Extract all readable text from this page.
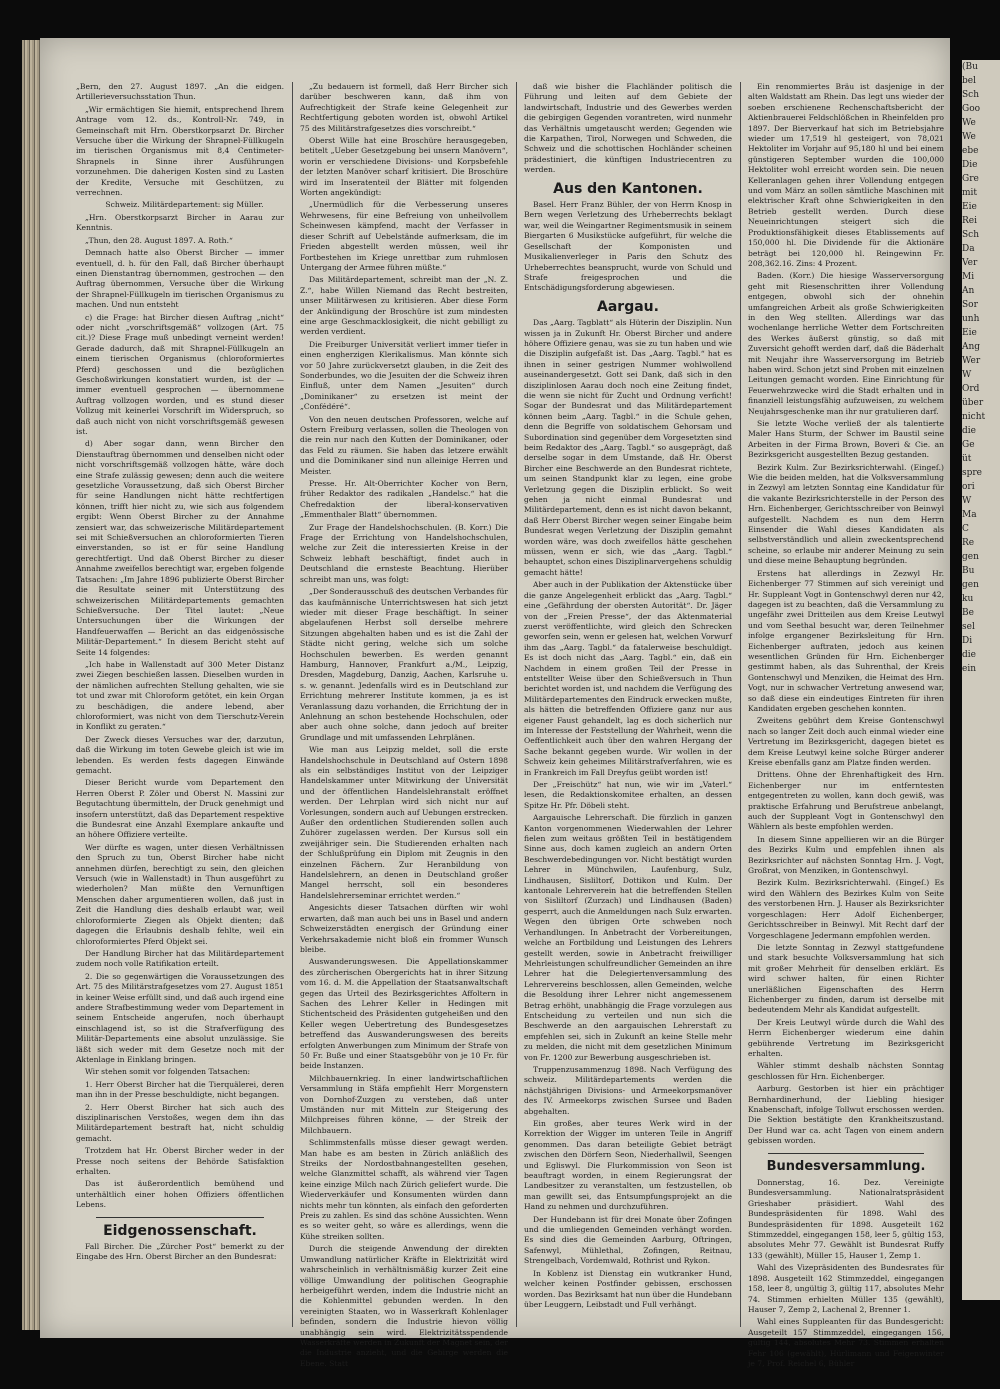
„Bern, den 27. August 1897. „An die eidgen. Artillerieversuchsstation Thun.

„Wir ermächtigen Sie hiemit, entsprechend Ihrem Antrage vom 12. ds., Kontroll-Nr. 749, in Gemeinschaft mit Hrn. Oberstkorpsarzt Dr. Bircher Versuche über die Wirkung der Shrapnel-Füllkugeln im tierischen Organismus mit 8,4 Centimeter-Shrapnels in Sinne ihrer Ausführungen vorzunehmen. Die daherigen Kosten sind zu Lasten der Kredite, Versuche mit Geschützen, zu verrechnen.

Schweiz. Militärdepartement: sig Müller.

„Hrn. Oberstkorpsarzt Bircher in Aarau zur Kenntnis.

„Thun, den 28. August 1897. A. Roth.“

Demnach hatte also Oberst Bircher — immer eventuell, d. h. für den Fall, daß Bircher überhaupt einen Dienstantrag übernommen, gestrochen — den Auftrag übernommen, Versuche über die Wirkung der Shrapnel-Füllkugeln im tierischen Organismus zu machen. Und nun entsteht

c) die Frage: hat Bircher diesen Auftrag „nicht“ oder nicht „vorschriftsgemäß“ vollzogen (Art. 75 cit.)? Diese Frage muß unbedingt verneint werden! Gerade dadurch, daß mit Shrapnel-Füllkugeln an einem tierischen Organismus (chloroformiertes Pferd) geschossen und die bezüglichen Geschoßwirkungen konstatiert wurden, ist der — immer eventuell gesprochen — übernommene Auftrag vollzogen worden, und es stund dieser Vollzug mit keinerlei Vorschrift im Widerspruch, so daß auch nicht von nicht vorschriftsgemäß gewesen ist.

d) Aber sogar dann, wenn Bircher den Dienstauftrag übernommen und denselben nicht oder nicht vorschriftsgemäß vollzogen hätte, wäre doch eine Strafe zulässig gewesen; denn auch die weitere gesetzliche Voraussetzung, daß sich Oberst Bircher für seine Handlungen nicht hätte rechtfertigen können, trifft hier nicht zu, wie sich aus folgendem ergibt: Wenn Oberst Bircher zu der Annahme zensiert war, das schweizerische Militärdepartement sei mit Schießversuchen an chloroformierten Tieren einverstanden, so ist er für seine Handlung gerechtfertigt. Und daß Oberst Bircher zu dieser Annahme zweifellos berechtigt war, ergeben folgende Tatsachen: „Im Jahre 1896 publizierte Oberst Bircher die Resultate seiner mit Unterstützung des schweizerischen Militärdepartements gemachten Schießversuche. Der Titel lautet: „Neue Untersuchungen über die Wirkungen der Handfeuerwaffen — Bericht an das eidgenössische Militär-Departement.“ In diesem Bericht steht auf Seite 14 folgendes:

„Ich habe in Wallenstadt auf 300 Meter Distanz zwei Ziegen beschießen lassen. Dieselben wurden in der nämlichen aufrechten Stellung gehalten, wie sie tot und zwar mit Chloroform getötet, ein kein Organ zu beschädigen, die andere lebend, aber chloroformiert, was nicht von dem Tierschutz-Verein in Konflikt zu geraten.“

Der Zweck dieses Versuches war der, darzutun, daß die Wirkung im toten Gewebe gleich ist wie im lebenden. Es werden fests dagegen Einwände gemacht.

Dieser Bericht wurde vom Departement den Herren Oberst P. Zöler und Oberst N. Massini zur Begutachtung übermitteln, der Druck genehmigt und insofern unterstützt, daß das Departement respektive die Bundesrat eine Anzahl Exemplare ankaufte und an höhere Offiziere verteilte.

Wer dürfte es wagen, unter diesen Verhältnissen den Spruch zu tun, Oberst Bircher habe nicht annehmen dürfen, berechtigt zu sein, den gleichen Versuch (wie in Wallenstadt) in Thun ausgeführt zu wiederholen? Man müßte den Vernunftigen Menschen daher argumentieren wollen, daß just in Zeit die Handlung dies deshalb erlaubt war, weil chloroformierte Ziegen als Objekt dienten; daß dagegen die Erlaubnis deshalb fehlte, weil ein chloroformiertes Pferd Objekt sei.

Der Handlung Bircher hat das Militärdepartement zudem noch volle Ratifikation erteilt.

2. Die so gegenwärtigen die Voraussetzungen des Art. 75 des Militärstrafgesetzes vom 27. August 1851 in keiner Weise erfüllt sind, und daß auch irgend eine andere Strafbestimmung weder vom Departement in seinem Entscheide angerufen, noch überhaupt einschlagend ist, so ist die Strafverfügung des Militär-Departements eine absolut unzulässige. Sie läßt sich weder mit dem Gesetze noch mit der Aktenlage in Einklang bringen.

Wir stehen somit vor folgenden Tatsachen:

1. Herr Oberst Bircher hat die Tierquälerei, deren man ihn in der Presse beschuldigte, nicht begangen.

2. Herr Oberst Bircher hat sich auch des disziplinarischen Verstoßes, wegen dem ihn das Militärdepartement bestraft hat, nicht schuldig gemacht.

Trotzdem hat Hr. Oberst Bircher weder in der Presse noch seitens der Behörde Satisfaktion erhalten.

Das ist äußerordentlich bemühend und unterhältlich einer hohen Offiziers öffentlichen Lebens.

Eidgenossenschaft.

Fall Bircher. Die „Zürcher Post“ bemerkt zu der Eingabe des Hrn. Oberst Bircher an den Bundesrat:

„Zu bedauern ist formell, daß Herr Bircher sich darüber beschweren kann, daß ihm von Aufrechtigkeit der Strafe keine Gelegenheit zur Rechtfertigung geboten worden ist, obwohl Artikel 75 des Militärstrafgesetzes dies vorschreibt.“

Oberst Wille hat eine Broschüre herausgegeben, betitelt „Ueber Gesetzgebung bei unsern Manövern“, worin er verschiedene Divisions- und Korpsbefehle der letzten Manöver scharf kritisiert. Die Broschüre wird im Inseratenteil der Blätter mit folgenden Worten angekündigt:

„Unermüdlich für die Verbesserung unseres Wehrwesens, für eine Befreiung von unheilvollem Scheinwesen kämpfend, macht der Verfasser in dieser Schrift auf Uebelstände aufmerksam, die im Frieden abgestellt werden müssen, weil ihr Fortbestehen im Kriege unrettbar zum ruhmlosen Untergang der Armee führen müßte.“

Das Militärdepartement, schreibt man der „N. Z. Z.“, habe Willen Niemand das Recht bestreiten, unser Militärwesen zu kritisieren. Aber diese Form der Ankündigung der Broschüre ist zum mindesten eine arge Geschmacklosigkeit, die nicht gebilligt zu werden verdient.

Die Freiburger Universität verliert immer tiefer in einen engherzigen Klerikalismus. Man könnte sich vor 50 Jahre zurückversetzt glauben, in die Zeit des Sonderbundes, wo die Jesuiten der die Schweiz ihren Einfluß, unter dem Namen „Jesuiten“ durch „Dominikaner“ zu ersetzen ist meint der „Confédéré“.

Von den neuen deutschen Professoren, welche auf Ostern Freiburg verlassen, sollen die Theologen von die rein nur nach den Kutten der Dominikaner, oder das Feld zu räumen. Sie haben das letzere erwählt und die Dominikaner sind nun alleinige Herren und Meister.

Presse. Hr. Alt-Oberrichter Kocher von Bern, früher Redaktor des radikalen „Handelsc.“ hat die Chefredaktion der liberal-konservativen „Emmenthaler Blatt“ übernommen.

Zur Frage der Handelshochschulen. (B. Korr.) Die Frage der Errichtung von Handelshochschulen, welche zur Zeit die interessierten Kreise in der Schweiz lebhaft beschäftigt, findet auch in Deutschland die ernsteste Beachtung. Hierüber schreibt man uns, was folgt:

„Der Sonderausschuß des deutschen Verbandes für das kaufmännische Unterrichtswesen hat sich jetzt wieder mit dieser Frage beschäftigt. In seiner abgelaufenen Herbst soll derselbe mehrere Sitzungen abgehalten haben und es ist die Zahl der Städte nicht gering, welche sich um solche Hochschulen bewerben. Es werden genannt Hamburg, Hannover, Frankfurt a./M., Leipzig, Dresden, Magdeburg, Danzig, Aachen, Karlsruhe u. s. w. genannt. Jedenfalls wird es in Deutschland zur Errichtung mehrerer Institute kommen, ja es ist Veranlassung dazu vorhanden, die Errichtung der in Anlehnung an schon bestehende Hochschulen, oder aber auch ohne solche, dann jedoch auf breiter Grundlage und mit umfassenden Lehrplänen.

Wie man aus Leipzig meldet, soll die erste Handelshochschule in Deutschland auf Ostern 1898 als ein selbständiges Institut von der Leipziger Handelskammer unter Mitwirkung der Universität und der öffentlichen Handelslehranstalt eröffnet werden. Der Lehrplan wird sich nicht nur auf Vorlesungen, sondern auch auf Uebungen erstrecken. Außer den ordentlichen Studierenden sollen auch Zuhörer zugelassen werden. Der Kursus soll ein zweijähriger sein. Die Studierenden erhalten nach der Schlußprüfung ein Diplom mit Zeugnis in den einzelnen Fächern. Zur Heranbildung von Handelslehrern, an denen in Deutschland großer Mangel herrscht, soll ein besonderes Handelslehrerseminar errichtet werden.“

Angesichts dieser Tatsachen dürften wir wohl erwarten, daß man auch bei uns in Basel und andern Schweizerstädten energisch der Gründung einer Verkehrsakademie nicht bloß ein frommer Wunsch bleibe.

Auswanderungswesen. Die Appellationskammer des zürcherischen Obergerichts hat in ihrer Sitzung vom 16. d. M. die Appellation der Staatsanwaltschaft gegen das Urteil des Bezirksgerichtes Affoltern in Sachen des Lehrer Keller in Hedingen mit Stichentscheid des Präsidenten gutgeheißen und den Keller wegen Uebertretung des Bundesgesetzes betreffend das Auswanderungswesen des bereits erfolgten Anwerbungen zum Minimum der Strafe von 50 Fr. Buße und einer Staatsgebühr von je 10 Fr. für beide Instanzen.

Milchbauernkrieg. In einer landwirtschaftlichen Versammlung in Stäfa empfiehlt Herr Morgenstern von Dornhof-Zuzgen zu versteben, daß unter Umständen nur mit Mitteln zur Steigerung des Milchpreises führen könne, — der Streik der Milchbauern.

Schlimmstenfalls müsse dieser gewagt werden. Man habe es am besten in Zürich anläßlich des Streiks der Nordostbahnangestellten gesehen, welche Glanzmittel schafft, als während vier Tagen keine einzige Milch nach Zürich geliefert wurde. Die Wiederverkäufer und Konsumenten würden dann nichts mehr tun könnten, als einfach den geforderten Preis zu zahlen. Es sind das schöne Aussichten. Wenn es so weiter geht, so wäre es allerdings, wenn die Kühe streiken sollten.

Durch die steigende Anwendung der direkten Umwandlung natürlicher Kräfte in Elektrizität wird wahrscheinlich in verhältnismäßig kurzer Zeit eine völlige Umwandlung der politischen Geographie herbeigeführt werden, indem die Industrie nicht an die Kohlenmittel gebunden werden. In den vereinigten Staaten, wo in Wasserkraft Kohlenlager befinden, sondern die Industrie hievon völlig unabhängig sein wird. Elektrizitätsspendende Wasserkräfte werden in Zukunft der Magnet sein, der die Industrie anzieht, und die Gebirge werden die Ebene. Statt

daß wie bisher die Flachländer politisch die Führung und leiten auf dem Gebiete der landwirtschaft, Industrie und des Gewerbes werden die gebirgigen Gegenden vorantreten, wird nunmehr das Verhältnis umgetauscht werden; Gegenden wie die Karpathen, Tirol, Norwegen und Schweden, die Schweiz und die schottischen Hochländer scheinen prädestiniert, die künftigen Industriecentren zu werden.

Aus den Kantonen.

Basel. Herr Franz Bühler, der von Herrn Knosp in Bern wegen Verletzung des Urheberrechts beklagt war, weil die Weingartner Regimentsmusik in seinem Biergarten 6 Musikstücke aufgeführt, für welche die Gesellschaft der Komponisten und Musikalienverleger in Paris den Schutz des Urheberrechtes beansprucht, wurde von Schuld und Strafe freigesprochen und die Entschädigungsforderung abgewiesen.

Aargau.

Das „Aarg. Tagblatt“ als Hüterin der Disziplin. Nun wissen ja in Zukunft Hr. Oberst Bircher und andere höhere Offiziere genau, was sie zu tun haben und wie die Disziplin aufgefaßt ist. Das „Aarg. Tagbl.“ hat es ihnen in seiner gestrigen Nummer wohlwollend auseinandergesetzt. Gott sei Dank, daß sich in den disziplinlosen Aarau doch noch eine Zeitung findet, die wenn sie nicht für Zucht und Ordnung verficht! Sogar der Bundesrat und das Militärdepartement können beim „Aarg. Tagbl.“ in die Schule gehen, denn die Begriffe von soldatischem Gehorsam und Subordination sind gegenüber dem Vorgesetzten sind beim Redaktor des „Aarg. Tagbl.“ so ausgeprägt, daß derselbe sogar in dem Umstande, daß Hr. Oberst Bircher eine Beschwerde an den Bundesrat richtete, um seinen Standpunkt klar zu legen, eine grobe Verletzung gegen die Disziplin erblickt. So weit gehen ja nicht einmal Bundesrat und Militärdepartement, denn es ist nicht davon bekannt, daß Herr Oberst Bircher wegen seiner Eingabe beim Bundesrat wegen Verletzung der Disziplin gemahnt worden wäre, was doch zweifellos hätte geschehen müssen, wenn er sich, wie das „Aarg. Tagbl.“ behauptet, schon eines Disziplinarvergehens schuldig gemacht hätte!

Aber auch in der Publikation der Aktenstücke über die ganze Angelegenheit erblickt das „Aarg. Tagbl.“ eine „Gefährdung der obersten Autorität“. Dr. Jäger von der „Freien Presse“, der das Aktenmaterial zuerst veröffentlichte, wird gleich den Schrecken geworfen sein, wenn er gelesen hat, welchen Vorwurf ihm das „Aarg. Tagbl.“ da fatalerweise beschuldigt. Es ist doch nicht das „Aarg. Tagbl.“ ein, daß ein Nachdem in einem großen Teil der Presse in entstellter Weise über den Schießversuch in Thun berichtet worden ist, und nachdem die Verfügung des Militärdepartementes den Eindruck erwecken mußte, als hätten die betreffenden Offiziere ganz nur aus eigener Faust gehandelt, lag es doch sicherlich nur im Interesse der Feststellung der Wahrheit, wenn die Oeffentlichkeit auch über den wahren Hergang der Sache bekannt gegeben wurde. Wir wollen in der Schweiz kein geheimes Militärstrafverfahren, wie es in Frankreich im Fall Dreyfus geübt worden ist!

Der „Freischütz“ hat nun, wie wir im „Vaterl.“ lesen, die Redaktionskomitee erhalten, an dessen Spitze Hr. Pfr. Döbeli steht.

Aargauische Lehrerschaft. Die fürzlich in ganzen Kanton vorgenommenen Wiederwahlen der Lehrer fielen zum weitaus größten Teil in bestätigendem Sinne aus, doch kamen zugleich an andern Orten Beschwerdebedingungen vor. Nicht bestätigt wurden Lehrer in Münchwilen, Laufenburg, Sulz, Lindhausen, Sisliltorf, Dottikon und Kulm. Der kantonale Lehrerverein hat die betreffenden Stellen von Sisliltorf (Zurzach) und Lindhausen (Baden) gesperrt, auch die Anmeldungen nach Sulz erwarten. Wegen den übrigen Orte schweben noch Verhandlungen. In Anbetracht der Vorbereitungen, welche an Fortbildung und Leistungen des Lehrers gestellt werden, sowie in Anbetracht freiwilliger Mehrleistungen schulfreundlicher Gemeinden an ihre Lehrer hat die Delegiertenversammlung des Lehrervereins beschlossen, allen Gemeinden, welche die Besoldung ihrer Lehrer nicht angemessenem Betrag erhöht, unabhängig die Frage vorzulegen aus Entscheidung zu verteilen und nun sich die Beschwerde an den aargauischen Lehrerstaft zu empfehlen sei, sich in Zukunft an keine Stelle mehr zu melden, die nicht mit dem gesetzlichen Minimum von Fr. 1200 zur Bewerbung ausgeschrieben ist.

Truppenzusammenzug 1898. Nach Verfügung des schweiz. Militärdepartements werden die nächstjährigen Divisions- und Armeekorpsmanöver des IV. Armeekorps zwischen Sursee und Baden abgehalten.

Ein großes, aber teures Werk wird in der Korrektion der Wigger im unteren Teile in Angriff genommen. Das daran beteiligte Gebiet beträgt zwischen den Dörfern Seon, Niederhallwil, Seengen und Egliswyl. Die Flurkommission von Seon ist beauftragt worden, in einem Regierungsrat der Landbesitzer zu veranstalten, um festzustellen, ob man gewillt sei, das Entsumpfungsprojekt an die Hand zu nehmen und durchzuführen.

Der Hundebann ist für drei Monate über Zofingen und die umliegenden Gemeinden verhängt worden. Es sind dies die Gemeinden Aarburg, Oftringen, Safenwyl, Mühlethal, Zofingen, Reitnau, Strengelbach, Vordemwald, Rothrist und Rykon.

In Koblenz ist Dienstag ein wutkranker Hund, welcher keinen Postfinder gebissen, erschossen worden. Das Bezirksamt hat nun über die Hundebann über Leuggern, Leibstadt und Full verhängt.

Ein renommiertes Bräu ist dasjenige in der alten Waldstatt am Rhein. Das legt uns wieder der soeben erschienene Rechenschaftsbericht der Aktienbrauerei Feldschlößchen in Rheinfelden pro 1897. Der Bierverkauf hat sich im Betriebsjahre wieder um 17,519 hl gesteigert, von 78,021 Hektoliter im Vorjahr auf 95,180 hl und bei einem günstigeren September wurden die 100,000 Hektoliter wohl erreicht worden sein. Die neuen Kelleranlagen gehen ihrer Vollendung entgegen und vom März an sollen sämtliche Maschinen mit elektrischer Kraft ohne Schwierigkeiten in den Betrieb gestellt werden. Durch diese Neueinrichtungen steigert sich die Produktionsfähigkeit dieses Etablissements auf 150,000 hl. Die Dividende für die Aktionäre beträgt bei 120,000 hl. Reingewinn Fr. 208,362.16. Zins: 4 Prozent.

Baden. (Korr.) Die hiesige Wasserversorgung geht mit Riesenschritten ihrer Vollendung entgegen, obwohl sich der ohnehin umfangreichen Arbeit als große Schwierigkeiten in den Weg stellten. Allerdings war das wochenlange herrliche Wetter dem Fortschreiten des Werkes äußerst günstig, so daß mit Zuversicht gehofft werden darf, daß die Bäderhalt mit Neujahr ihre Wasserversorgung im Betrieb haben wird. Schon jetzt sind Proben mit einzelnen Leitungen gemacht worden. Eine Einrichtung für Feuerwehrzwecke wird die Stadt erhalten und in finanziell leistungsfähig aufzuweisen, zu welchem Neujahrsgeschenke man ihr nur gratulieren darf.

Sie letzte Woche verließ der als talentierte Maler Hans Sturm, der Schwer im Baustil seine Arbeiten in der Firma Brown, Boveri & Cie. an Bezirksgericht ausgestellten Bezug gestanden.

Bezirk Kulm. Zur Bezirksrichterwahl. (Eingeſ.) Wie die beiden melden, hat die Volksversammlung in Zezwyl am letzten Sonntag eine Kandidatur für die vakante Bezirksrichterstelle in der Person des Hrn. Eichenberger, Gerichtsschreiber von Beinwyl aufgestellt. Nachdem es nun dem Herrn Einsender die Wahl dieses Kandidaten als selbstverständlich und allein zweckentsprechend scheine, so erlaube mir anderer Meinung zu sein und diese meine Behauptung begründen.

Erstens hat allerdings in Zezwyl Hr. Eichenberger 77 Stimmen auf sich vereinigt und Hr. Suppleant Vogt in Gontenschwyl deren nur 42, dagegen ist zu beachten, daß die Versammlung zu ungefähr zwei Dritteilen aus dem Kreise Leutwyl und vom Seethal besucht war, deren Teilnehmer infolge ergangener Bezirksleitung für Hrn. Eichenberger auftraten, jedoch aus keinen wesentlichen Gründen für Hrn. Eichenberger gestimmt haben, als das Suhrenthal, der Kreis Gontenschwyl und Menziken, die Heimat des Hrn. Vogt, nur in schwacher Vertretung anwesend war, so daß diese ein eindeutiges Eintreten für ihren Kandidaten ergeben geschehen konnten.

Zweitens gebührt dem Kreise Gontenschwyl nach so langer Zeit doch auch einmal wieder eine Vertretung im Bezirksgericht, dagegen bietet es dem Kreise Leutwyl keine solche Bürger anderer Kreise ebenfalls ganz am Platze finden werden.

Drittens. Ohne der Ehrenhaftigkeit des Hrn. Eichenberger nur im entferntesten entgegentreten zu wollen, kann doch gewiß, was praktische Erfahrung und Berufstreue anbelangt, auch der Suppleant Vogt in Gontenschwyl den Wählern als beste empfohlen werden.

In diesem Sinne appellieren wir an die Bürger des Bezirks Kulm und empfehlen ihnen als Bezirksrichter auf nächsten Sonntag Hrn. J. Vogt, Großrat, von Menziken, in Gontenschwyl.

Bezirk Kulm. Bezirksrichterwahl. (Eingeſ.) Es wird den Wählern des Bezirkes Kulm von Seite des verstorbenen Hrn. J. Hauser als Bezirksrichter vorgeschlagen: Herr Adolf Eichenberger, Gerichtsschreiber in Beinwyl. Mit Recht darf der Vorgeschlagene Jedermann empfohlen werden.

Die letzte Sonntag in Zezwyl stattgefundene und stark besuchte Volksversammlung hat sich mit großer Mehrheit für denselben erklärt. Es wird schwer halten, für einen Richter unerläßlichen Eigenschaften des Herrn Eichenberger zu finden, darum ist derselbe mit bedeutendem Mehr als Kandidat aufgestellt.

Der Kreis Leutwyl würde durch die Wahl des Herrn Eichenberger wiederum eine dahin gebührende Vertretung im Bezirksgericht erhalten.

Wähler stimmt deshalb nächsten Sonntag geschlossen für Hrn. Eichenberger.

Aarburg. Gestorben ist hier ein prächtiger Bernhardinerhund, der Liebling hiesiger Knabenschaft, infolge Tollwut erschossen werden. Die Sektion bestätigte den Krankheitszustand. Der Hund war ca. acht Tagen von einem andern gebissen worden.

Bundesversammlung.

Donnerstag, 16. Dez. Vereinigte Bundesversammlung. Nationalratspräsident Grieshaber präsidiert. Wahl des Bundespräsidenten für 1898. Wahl des Bundespräsidenten für 1898. Ausgeteilt 162 Stimmzeddel, eingegangen 158, leer 5, gültig 153, absolutes Mehr 77. Gewählt ist Bundesrat Ruffy 133 (gewählt), Müller 15, Hauser 1, Zemp 1.

Wahl des Vizepräsidenten des Bundesrates für 1898. Ausgeteilt 162 Stimmzeddel, eingegangen 158, leer 8, ungültig 3, gültig 117, absolutes Mehr 74. Stimmen erhielten Müller 135 (gewählt), Hauser 7, Zemp 2, Lachenal 2, Brenner 1.

Wahl eines Suppleanten für das Bundesgericht: Ausgeteilt 157 Stimmzeddel, eingegangen 156, gültig 144, absolutes Mehr 73. Stimmen erhalten Fehr 106 (gewählt), Hürlimann und Feigenwinter je 7, Prof. Reichel 6, Bühler

(Bu
bel
Sch
Goo
We
We
ebe
Die
Gre
mit
Eie
Rei
Sch
Da
Ver
Mi
An
Sor
unh
Eie
Ang
Wer
W
Ord
über
nicht
die
Ge
üt
spre
ori
W
Ma
C
Re
gen
Bu
gen
ku
Be
sel
Di
die
ein
